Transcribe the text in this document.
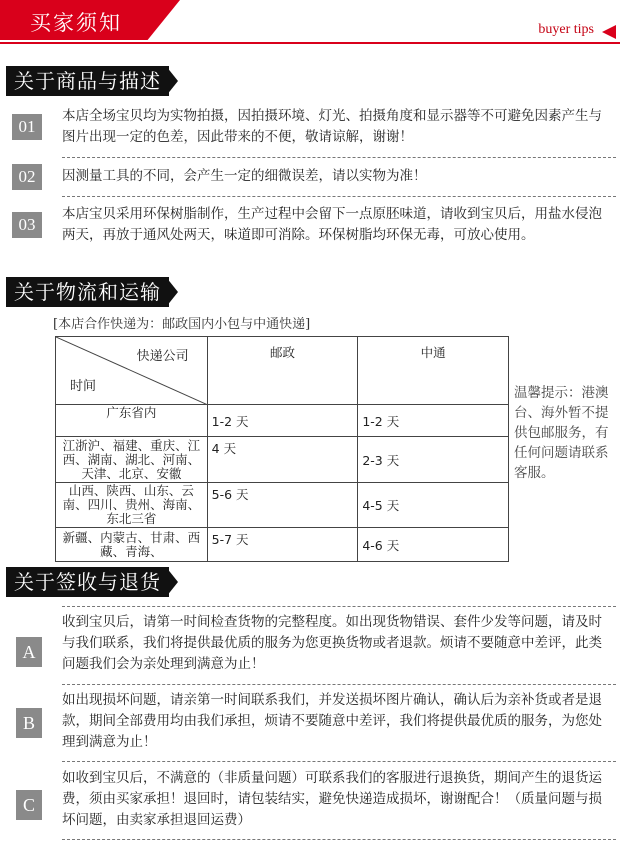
买家须知	buyer tips
关于商品与描述
01
本店全场宝贝均为实物拍摄，因拍摄环境、灯光、拍摄角度和显示器等不可避免因素产生与图片出现一定的色差，因此带来的不便，敬请谅解，谢谢！
02	因测量工具的不同，会产生一定的细微误差，请以实物为准！
03
本店宝贝采用环保树脂制作，生产过程中会留下一点原胚味道，请收到宝贝后，用盐水侵泡两天，再放于通风处两天，味道即可消除。环保树脂均环保无毒，可放心使用。
关于物流和运输
[本店合作快递为：邮政国内小包与中通快递]
快递公司
时间	邮政	中通
广东省内	1-2 天	1-2 天
江浙沪、福建、重庆、江西、湖南、湖北、河南、天津、北京、安徽	4 天	2-3 天
山西、陕西、山东、云南、四川、贵州、海南、东北三省	5-6 天	4-5 天
新疆、内蒙古、甘肃、西藏、青海、	5-7 天	4-6 天
温馨提示：港澳台、海外暂不提供包邮服务，有任何问题请联系客服。
关于签收与退货
A
收到宝贝后，请第一时间检查货物的完整程度。如出现货物错误、套件少发等问题，请及时与我们联系，我们将提供最优质的服务为您更换货物或者退款。烦请不要随意中差评，此类问题我们会为亲处理到满意为止！
B
如出现损坏问题，请亲第一时间联系我们，并发送损坏图片确认，确认后为亲补货或者是退款，期间全部费用均由我们承担，烦请不要随意中差评，我们将提供最优质的服务，为您处理到满意为止！
C
如收到宝贝后，不满意的（非质量问题）可联系我们的客服进行退换货，期间产生的退货运费，须由买家承担！退回时，请包装结实，避免快递造成损坏，谢谢配合！（质量问题与损坏问题，由卖家承担退回运费）
